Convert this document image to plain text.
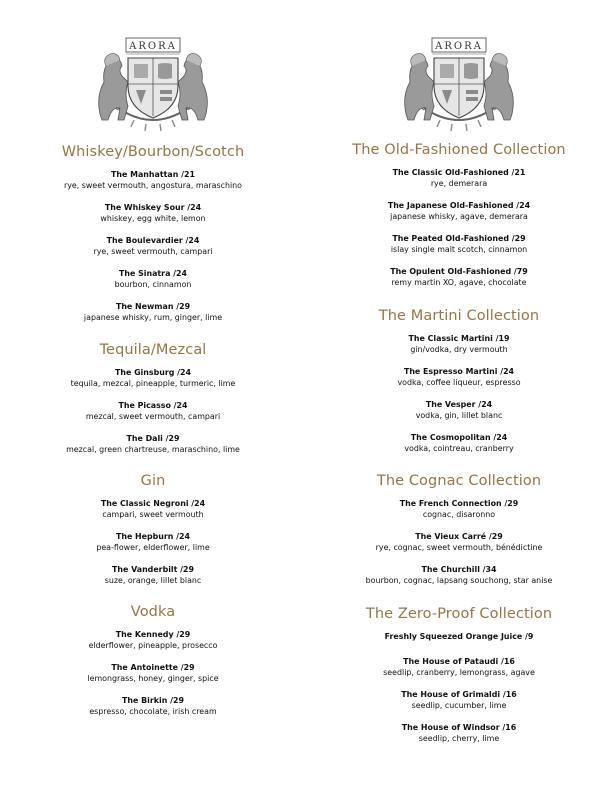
ARORA
Whiskey/Bourbon/Scotch
The Manhattan /21
rye, sweet vermouth, angostura, maraschino
The Whiskey Sour /24
whiskey, egg white, lemon
The Boulevardier /24
rye, sweet vermouth, campari
The Sinatra /24
bourbon, cinnamon
The Newman /29
japanese whisky, rum, ginger, lime
Tequila/Mezcal
The Ginsburg /24
tequila, mezcal, pineapple, turmeric, lime
The Picasso /24
mezcal, sweet vermouth, campari
The Dali /29
mezcal, green chartreuse, maraschino, lime
Gin
The Classic Negroni /24
campari, sweet vermouth
The Hepburn /24
pea-flower, elderflower, lime
The Vanderbilt /29
suze, orange, lillet blanc
Vodka
The Kennedy /29
elderflower, pineapple, prosecco
The Antoinette /29
lemongrass, honey, ginger, spice
The Birkin /29
espresso, chocolate, irish cream
ARORA
The Old-Fashioned Collection
The Classic Old-Fashioned /21
rye, demerara
The Japanese Old-Fashioned /24
japanese whisky, agave, demerara
The Peated Old-Fashioned /29
islay single malt scotch, cinnamon
The Opulent Old-Fashioned /79
remy martin XO, agave, chocolate
The Martini Collection
The Classic Martini /19
gin/vodka, dry vermouth
The Espresso Martini /24
vodka, coffee liqueur, espresso
The Vesper /24
vodka, gin, lillet blanc
The Cosmopolitan /24
vodka, cointreau, cranberry
The Cognac Collection
The French Connection /29
cognac, disaronno
The Vieux Carré /29
rye, cognac, sweet vermouth, bénédictine
The Churchill /34
bourbon, cognac, lapsang souchong, star anise
The Zero-Proof Collection
Freshly Squeezed Orange Juice /9
The House of Pataudi /16
seedlip, cranberry, lemongrass, agave
The House of Grimaldi /16
seedlip, cucumber, lime
The House of Windsor /16
seedlip, cherry, lime
